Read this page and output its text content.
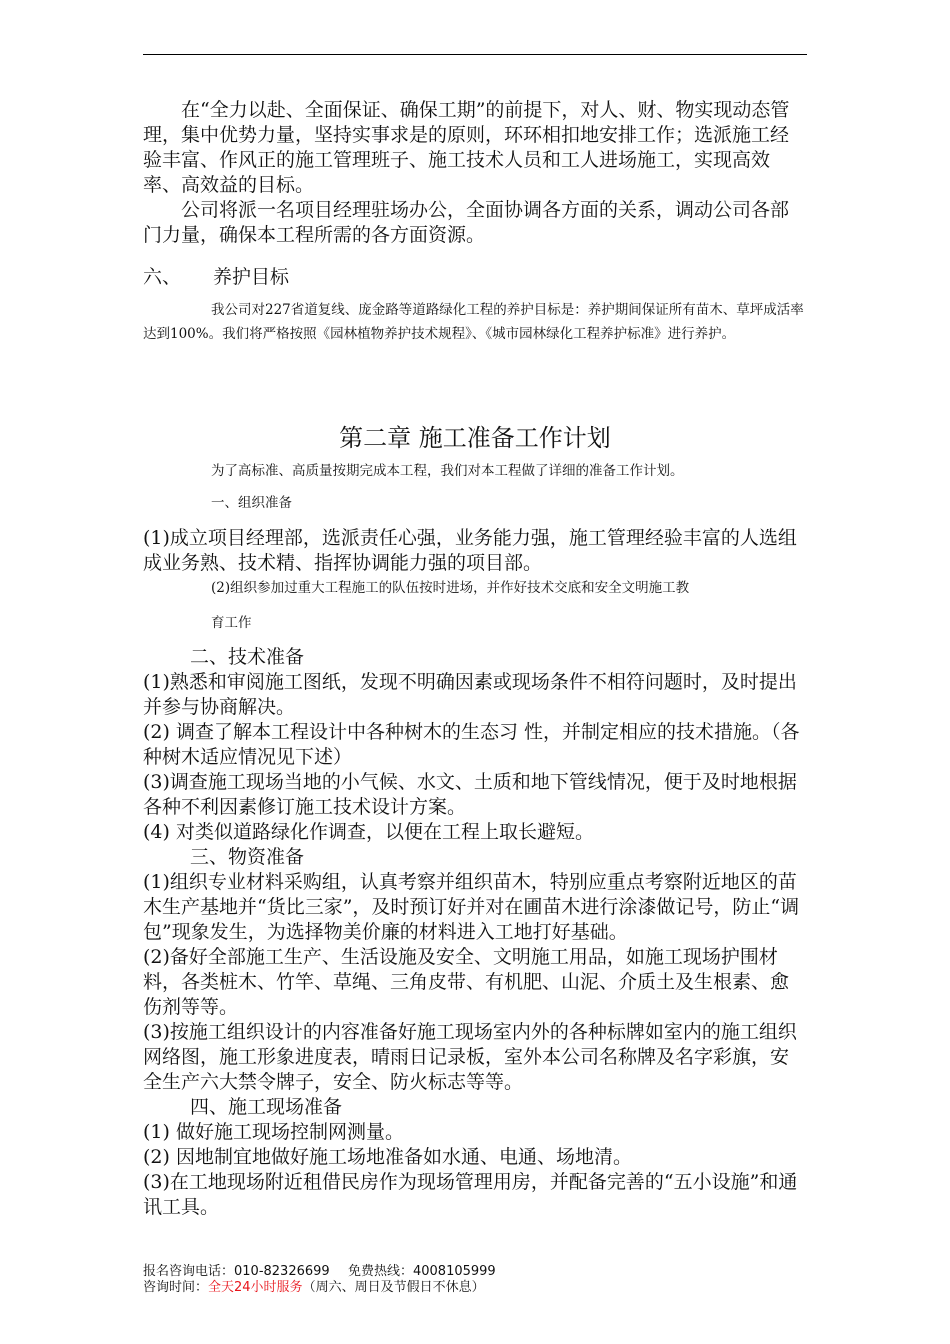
在“全力以赴、全面保证、确保工期”的前提下，对人、财、物实现动态管理，集中优势力量，坚持实事求是的原则，环环相扣地安排工作；选派施工经验丰富、作风正的施工管理班子、施工技术人员和工人进场施工，实现高效率、高效益的目标。

公司将派一名项目经理驻场办公，全面协调各方面的关系，调动公司各部门力量，确保本工程所需的各方面资源。

六、 养护目标

我公司对227省道复线、庞金路等道路绿化工程的养护目标是：养护期间保证所有苗木、草坪成活率达到100%。我们将严格按照《园林植物养护技术规程》、《城市园林绿化工程养护标准》进行养护。

第二章 施工准备工作计划

为了高标准、高质量按期完成本工程，我们对本工程做了详细的准备工作计划。

一、组织准备

(1)成立项目经理部，选派责任心强，业务能力强，施工管理经验丰富的人选组成业务熟、技术精、指挥协调能力强的项目部。

(2)组织参加过重大工程施工的队伍按时进场，并作好技术交底和安全文明施工教

育工作

二、技术准备

(1)熟悉和审阅施工图纸，发现不明确因素或现场条件不相符问题时，及时提出并参与协商解决。

(2) 调查了解本工程设计中各种树木的生态习 性，并制定相应的技术措施。（各种树木适应情况见下述）

(3)调查施工现场当地的小气候、水文、土质和地下管线情况，便于及时地根据各种不利因素修订施工技术设计方案。

(4) 对类似道路绿化作调查，以便在工程上取长避短。

三、物资准备

(1)组织专业材料采购组，认真考察并组织苗木，特别应重点考察附近地区的苗木生产基地并“货比三家”，及时预订好并对在圃苗木进行涂漆做记号，防止“调包”现象发生，为选择物美价廉的材料进入工地打好基础。

(2)备好全部施工生产、生活设施及安全、文明施工用品，如施工现场护围材料，各类桩木、竹竿、草绳、三角皮带、有机肥、山泥、介质土及生根素、愈伤剂等等。

(3)按施工组织设计的内容准备好施工现场室内外的各种标牌如室内的施工组织网络图，施工形象进度表，晴雨日记录板，室外本公司名称牌及名字彩旗，安全生产六大禁令牌子，安全、防火标志等等。

四、施工现场准备

(1) 做好施工现场控制网测量。

(2) 因地制宜地做好施工场地准备如水通、电通、场地清。

(3)在工地现场附近租借民房作为现场管理用房，并配备完善的“五小设施”和通讯工具。

报名咨询电话：010-82326699 免费热线：4008105999
咨询时间：全天24小时服务（周六、周日及节假日不休息）
